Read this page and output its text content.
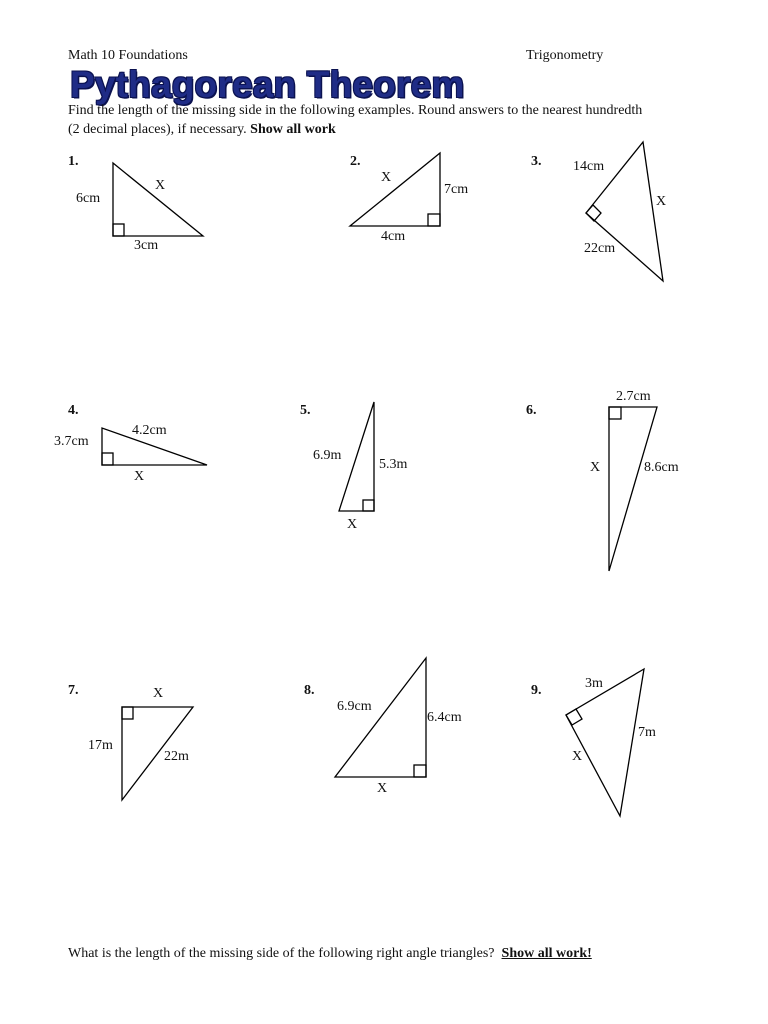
Math 10 Foundations	Trigonometry
Pythagorean Theorem
Find the length of the missing side in the following examples. Round answers to the nearest hundredth
(2 decimal places), if necessary. Show all work
1.	2.	3.
4.	5.	6.
7.	8.	9.
6cm
X
3cm
X
7cm
4cm
14cm
X
22cm
3.7cm
4.2cm
X
6.9m
5.3m
X
2.7cm
X	8.6cm
X
17m
22m
6.9cm
6.4cm
X
3m
7m
X
What is the length of the missing side of the following right angle triangles? Show all work!
